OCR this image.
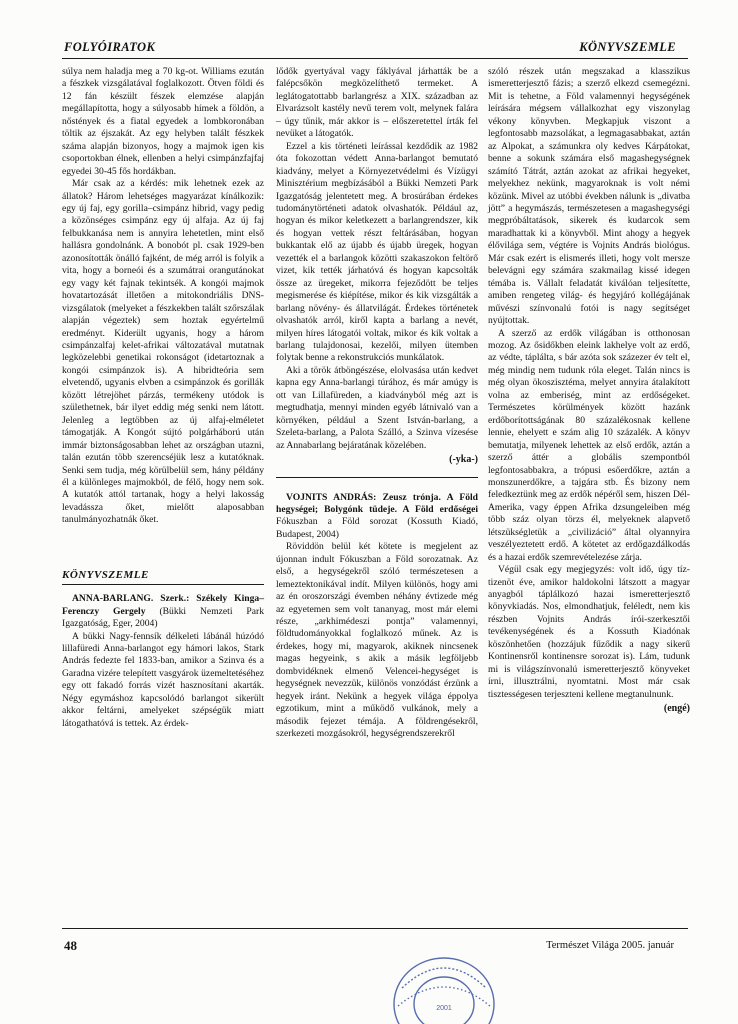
FOLYÓIRATOK	KÖNYVSZEMLE

súlya nem haladja meg a 70 kg-ot. Williams ezután a fészkek vizsgálatával foglalkozott. Ötven földi és 12 fán készült fészek elemzése alapján megállapította, hogy a súlyosabb hímek a földön, a nőstények és a fiatal egyedek a lombkoronában töltik az éjszakát. Az egy helyben talált fészkek száma alapján bizonyos, hogy a majmok igen kis csoportokban élnek, ellenben a helyi csimpánzfajfaj egyedei 30-45 fős hordákban.

Már csak az a kérdés: mik lehetnek ezek az állatok? Három lehetséges magyarázat kínálkozik: egy új faj, egy gorilla–csimpánz hibrid, vagy pedig a közönséges csimpánz egy új alfaja. Az új faj felbukkanása nem is annyira lehetetlen, mint első hallásra gondolnánk. A bonobót pl. csak 1929-ben azonosították önálló fajként, de még arról is folyik a vita, hogy a borneói és a szumátrai orangutánokat egy vagy két fajnak tekintsék. A kongói majmok hovatartozását illetően a mitokondriális DNS-vizsgálatok (melyeket a fészkekben talált szőrszálak alapján végeztek) sem hoztak egyértelmű eredményt. Kiderült ugyanis, hogy a három csimpánzalfaj kelet-afrikai változatával mutatnak legközelebbi genetikai rokonságot (idetartoznak a kongói csimpánzok is). A hibridteória sem elvetendő, ugyanis elvben a csimpánzok és gorillák között létrejöhet párzás, termékeny utódok is születhetnek, bár ilyet eddig még senki nem látott. Jelenleg a legtöbben az új alfaj-elméletet támogatják. A Kongót sújtó polgárháború után immár biztonságosabban lehet az országban utazni, talán ezután több szerencséjük lesz a kutatóknak. Senki sem tudja, még körülbelül sem, hány példány él a különleges majmokból, de félő, hogy nem sok. A kutatók attól tartanak, hogy a helyi lakosság levadássza őket, mielőtt alaposabban tanulmányozhatnák őket.

KÖNYVSZEMLE

ANNA-BARLANG. Szerk.: Székely Kinga–Ferenczy Gergely (Bükki Nemzeti Park Igazgatóság, Eger, 2004)

A bükki Nagy-fennsík délkeleti lábánál húzódó lillafüredi Anna-barlangot egy hámori lakos, Stark András fedezte fel 1833-ban, amikor a Szinva és a Garadna vizére telepített vasgyárok üzemeltetéséhez egy ott fakadó forrás vizét hasznosítani akarták. Négy egymáshoz kapcsolódó barlangot sikerült akkor feltárni, amelyeket szépségük miatt látogathatóvá is tettek. Az érdek-

lődők gyertyával vagy fáklyával járhatták be a falépcsőkön megközelíthető termeket. A leglátogatottabb barlangrész a XIX. században az Elvarázsolt kastély nevű terem volt, melynek falára – úgy tűnik, már akkor is – előszeretettel írták fel nevüket a látogatók.

Ezzel a kis történeti leírással kezdődik az 1982 óta fokozottan védett Anna-barlangot bemutató kiadvány, melyet a Környezetvédelmi és Vízügyi Minisztérium megbízásából a Bükki Nemzeti Park Igazgatóság jelentetett meg. A brosúrában érdekes tudománytörténeti adatok olvashatók. Például az, hogyan és mikor keletkezett a barlangrendszer, kik és hogyan vettek részt feltárásában, hogyan bukkantak elő az újabb és újabb üregek, hogyan vezették el a barlangok közötti szakaszokon feltörő vizet, kik tették járhatóvá és hogyan kapcsolták össze az üregeket, mikorra fejeződött be teljes megismerése és kiépítése, mikor és kik vizsgálták a barlang növény- és állatvilágát. Érdekes történetek olvashatók arról, kiről kapta a barlang a nevét, milyen híres látogatói voltak, mikor és kik voltak a barlang tulajdonosai, kezelői, milyen ütemben folytak benne a rekonstrukciós munkálatok.

Aki a török átböngészése, elolvasása után kedvet kapna egy Anna-barlangi túrához, és már amúgy is ott van Lillafüreden, a kiadványból még azt is megtudhatja, mennyi minden egyéb látnivaló van a környéken, például a Szent István-barlang, a Szeleta-barlang, a Palota Szálló, a Szinva vízesése az Annabarlang bejáratának közelében.

(-yka-)

VOJNITS ANDRÁS: Zeusz trónja. A Föld hegységei; Bolygónk tüdeje. A Föld erdőségei Fókuszban a Föld sorozat (Kossuth Kiadó, Budapest, 2004)

Röviddön belül két kötete is megjelent az újonnan indult Fókuszban a Föld sorozatnak. Az első, a hegységekről szóló természetesen a lemeztektonikával indít. Milyen különös, hogy ami az én oroszországi évemben néhány évtizede még az egyetemen sem volt tananyag, most már elemi része, „arkhimédeszi pontja” valamennyi, földtudományokkal foglalkozó műnek. Az is érdekes, hogy mi, magyarok, akiknek nincsenek magas hegyeink, s akik a másik legföljebb dombvidéknek elmenő Velencei-hegységet is hegységnek nevezzük, különös vonzódást érzünk a hegyek iránt. Nekünk a hegyek világa éppolya egzotikum, mint a működő vulkánok, mely a második fejezet témája. A földrengésekről, szerkezeti mozgásokról, hegységrendszerekről

szóló részek után megszakad a klasszikus ismeretterjesztő fázis; a szerző elkezd csemegézni. Mit is tehetne, a Föld valamennyi hegységének leírására mégsem vállalkozhat egy viszonylag vékony könyvben. Megkapjuk viszont a legfontosabb mazsolákat, a legmagasabbakat, aztán az Alpokat, a számunkra oly kedves Kárpátokat, benne a sokunk számára első magashegységnek számító Tátrát, aztán azokat az afrikai hegyeket, melyekhez nekünk, magyaroknak is volt némi közünk. Mivel az utóbbi években nálunk is „divatba jött” a hegymászás, természetesen a magashegységi megpróbáltatások, sikerek és kudarcok sem maradhattak ki a könyvből. Mint ahogy a hegyek élővilága sem, végtére is Vojnits András biológus. Már csak ezért is elismerés illeti, hogy volt mersze belevágni egy számára szakmailag kissé idegen témába is. Vállalt feladatát kiválóan teljesítette, amiben rengeteg világ- és hegyjáró kollégájának művészi színvonalú fotói is nagy segítséget nyújtottak.

A szerző az erdők világában is otthonosan mozog. Az ősidőkben eleink lakhelye volt az erdő, az védte, táplálta, s bár azóta sok százezer év telt el, még mindig nem tudunk róla eleget. Talán nincs is még olyan ökoszisztéma, melyet annyira átalakított volna az emberiség, mint az erdőségeket. Természetes körülmények között hazánk erdőborítottságának 80 százalékosnak kellene lennie, ehelyett e szám alig 10 százalék. A könyv bemutatja, milyenek lehettek az első erdők, aztán a szerző áttér a globális szempontból legfontosabbakra, a trópusi esőerdőkre, aztán a monszunerdőkre, a tajgára stb. És bizony nem feledkeztünk meg az erdők népéről sem, hiszen Dél-Amerika, vagy éppen Afrika dzsungeleiben még több száz olyan törzs él, melyeknek alapvető létszükségletük a „civilizáció” által olyannyira veszélyeztetett erdő. A kötetet az erdőgazdálkodás és a hazai erdők szemrevételezése zárja.

Végül csak egy megjegyzés: volt idő, úgy tíz-tizenöt éve, amikor haldokolni látszott a magyar anyagból táplálkozó hazai ismeretterjesztő könyvkiadás. Nos, elmondhatjuk, feléledt, nem kis részben Vojnits András írói-szerkesztői tevékenységének és a Kossuth Kiadónak köszönhetően (hozzájuk fűződik a nagy sikerű Kontinensről kontinensre sorozat is). Lám, tudunk mi is világszínvonalú ismeretterjesztő könyveket írni, illusztrálni, nyomtatni. Most már csak tisztességesen terjeszteni kellene megtanulnunk.

(engé)
48	Természet Világa 2005. január
2001
